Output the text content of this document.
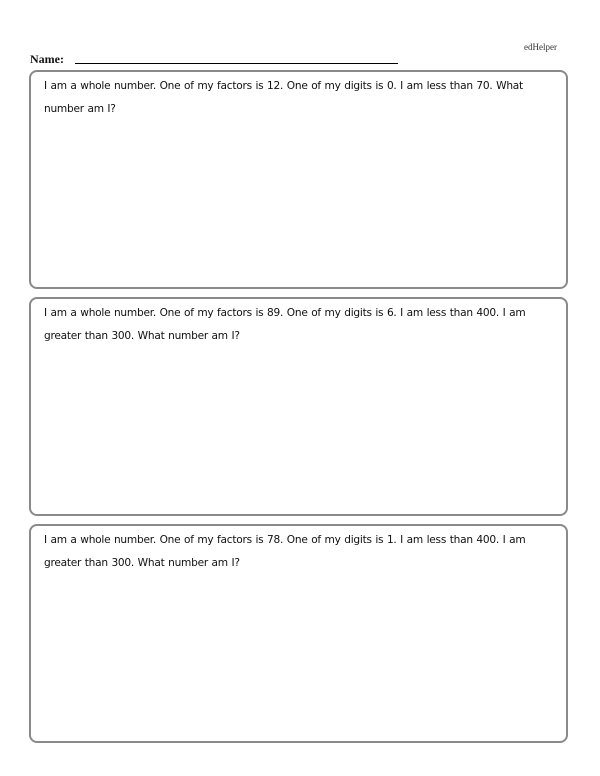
edHelper
Name:

I am a whole number. One of my factors is 12. One of my digits is 0. I am less than 70. What number am I?

I am a whole number. One of my factors is 89. One of my digits is 6. I am less than 400. I am greater than 300. What number am I?

I am a whole number. One of my factors is 78. One of my digits is 1. I am less than 400. I am greater than 300. What number am I?
